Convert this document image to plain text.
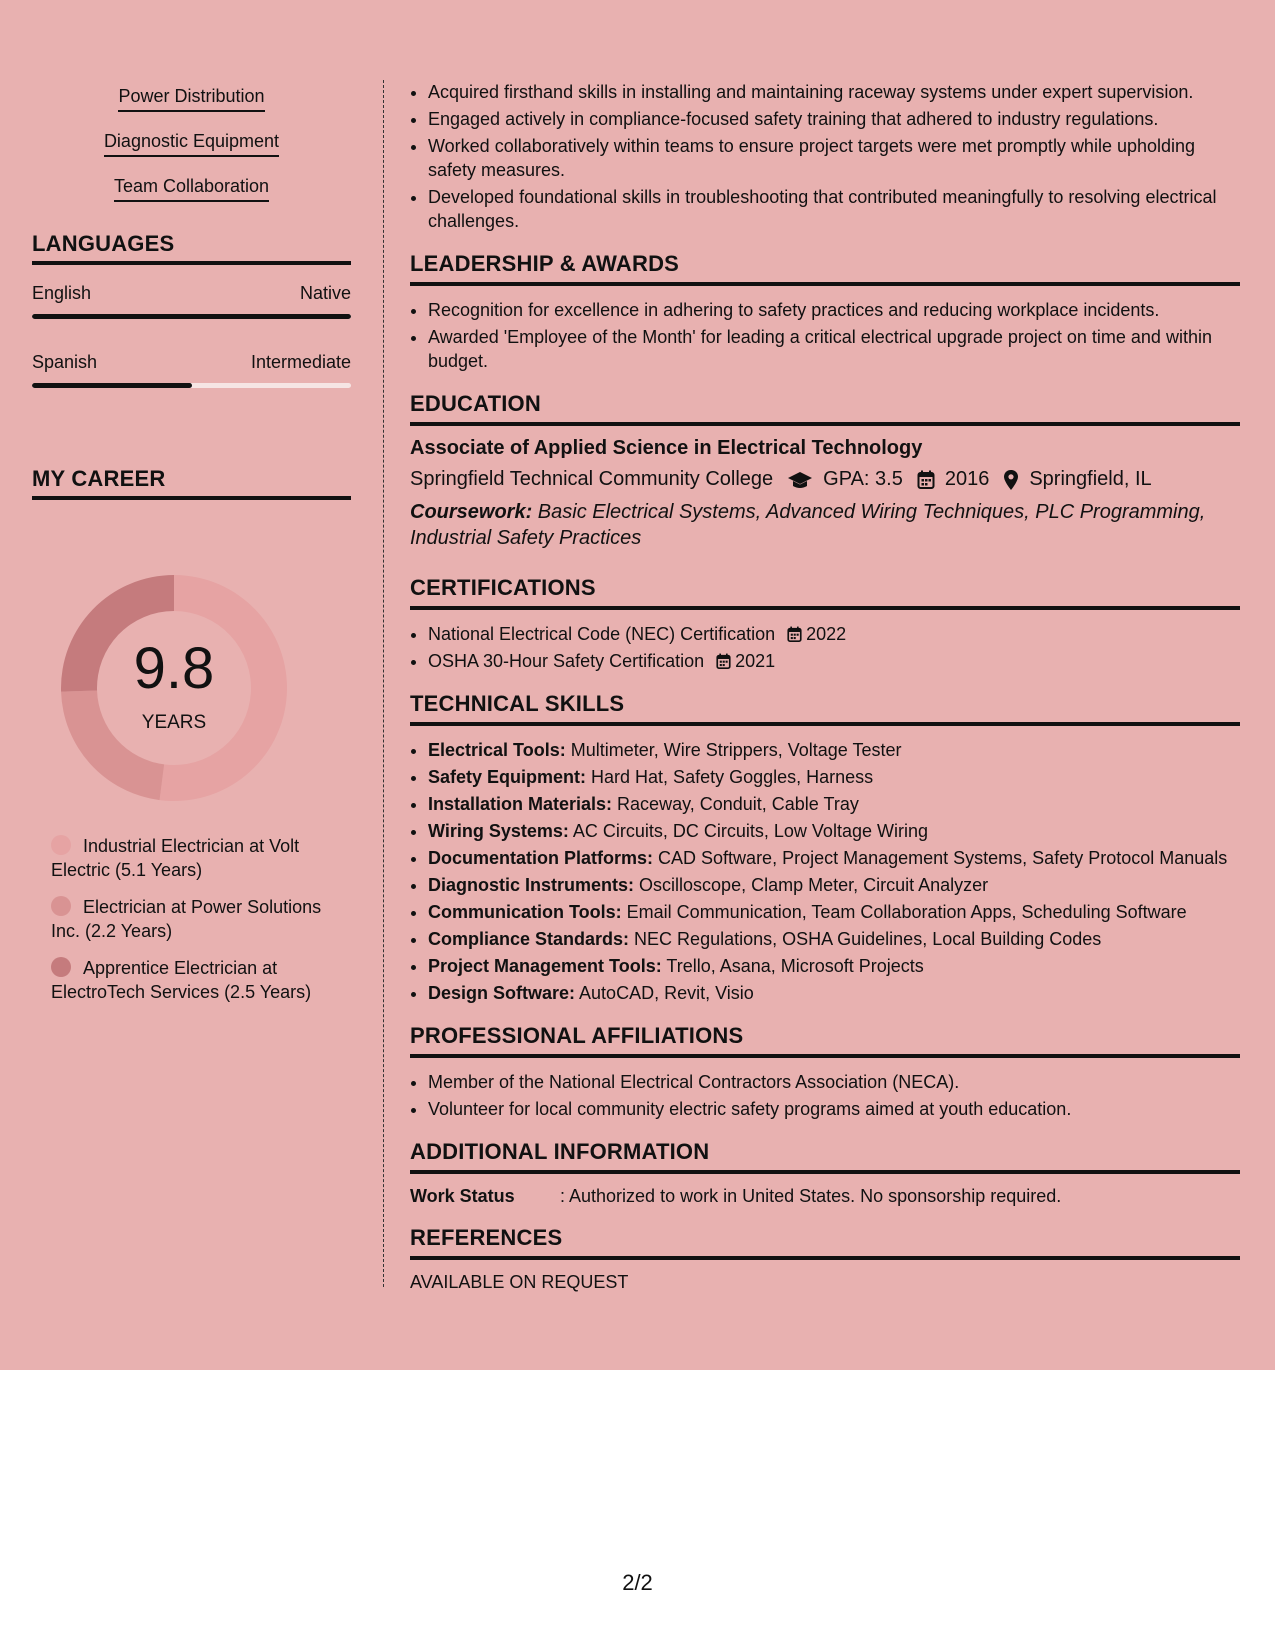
Power Distribution
Diagnostic Equipment
Team Collaboration
LANGUAGES
English	Native
Spanish	Intermediate
MY CAREER
9.8
YEARS
Industrial Electrician at Volt Electric (5.1 Years)
Electrician at Power Solutions Inc. (2.2 Years)
Apprentice Electrician at ElectroTech Services (2.5 Years)
• Acquired firsthand skills in installing and maintaining raceway systems under expert supervision.
• Engaged actively in compliance-focused safety training that adhered to industry regulations.
• Worked collaboratively within teams to ensure project targets were met promptly while upholding safety measures.
• Developed foundational skills in troubleshooting that contributed meaningfully to resolving electrical challenges.
LEADERSHIP & AWARDS
• Recognition for excellence in adhering to safety practices and reducing workplace incidents.
• Awarded 'Employee of the Month' for leading a critical electrical upgrade project on time and within budget.
EDUCATION
Associate of Applied Science in Electrical Technology
Springfield Technical Community College	GPA: 3.5 2016 Springfield, IL
Coursework: Basic Electrical Systems, Advanced Wiring Techniques, PLC Programming, Industrial Safety Practices
CERTIFICATIONS
• National Electrical Code (NEC) Certification 2022
• OSHA 30-Hour Safety Certification 2021
TECHNICAL SKILLS
• Electrical Tools: Multimeter, Wire Strippers, Voltage Tester
• Safety Equipment: Hard Hat, Safety Goggles, Harness
• Installation Materials: Raceway, Conduit, Cable Tray
• Wiring Systems: AC Circuits, DC Circuits, Low Voltage Wiring
• Documentation Platforms: CAD Software, Project Management Systems, Safety Protocol Manuals
• Diagnostic Instruments: Oscilloscope, Clamp Meter, Circuit Analyzer
• Communication Tools: Email Communication, Team Collaboration Apps, Scheduling Software
• Compliance Standards: NEC Regulations, OSHA Guidelines, Local Building Codes
• Project Management Tools: Trello, Asana, Microsoft Projects
• Design Software: AutoCAD, Revit, Visio
PROFESSIONAL AFFILIATIONS
• Member of the National Electrical Contractors Association (NECA).
• Volunteer for local community electric safety programs aimed at youth education.
ADDITIONAL INFORMATION
Work Status	: Authorized to work in United States. No sponsorship required.
REFERENCES
AVAILABLE ON REQUEST
2/2
